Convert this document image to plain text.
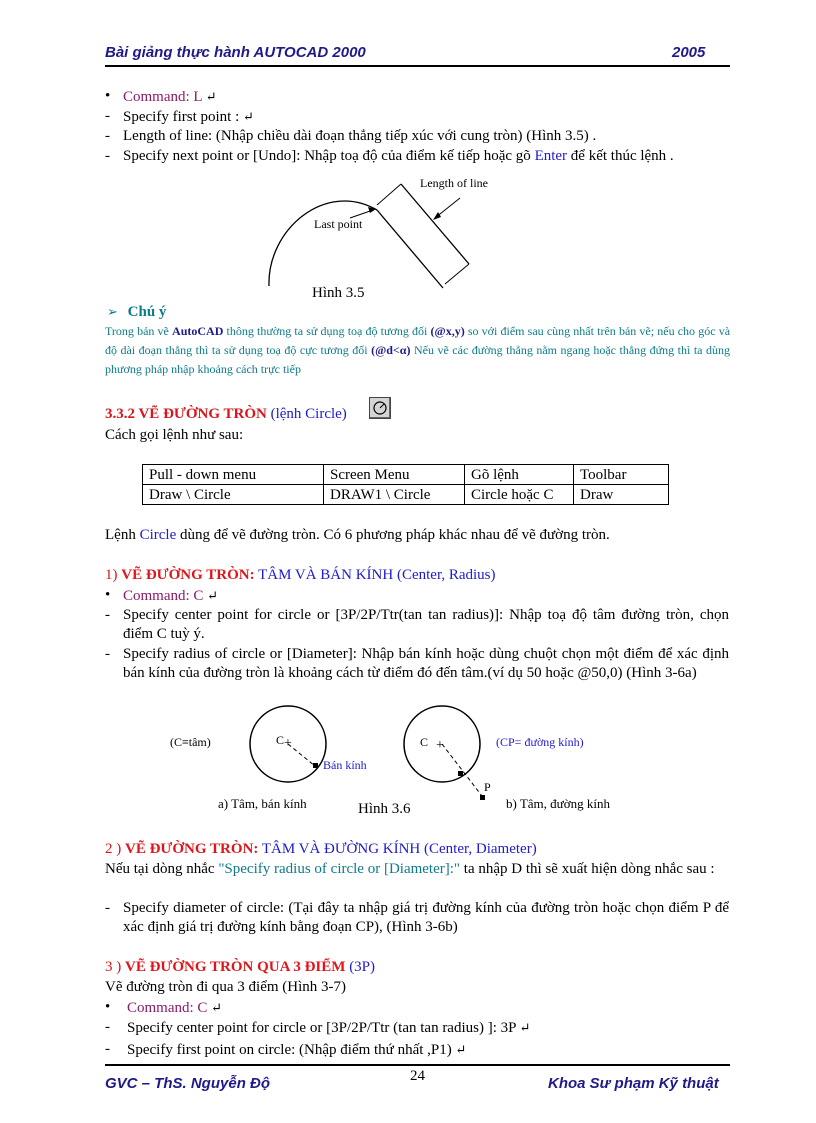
Bài giảng thực hành AUTOCAD 2000	2005
• Command: L ↵
- Specify first point : ↵
- Length of line: (Nhập chiều dài đoạn thẳng tiếp xúc với cung tròn) (Hình 3.5) .
- Specify next point or [Undo]: Nhập toạ độ của điểm kế tiếp hoặc gõ Enter để kết thúc lệnh .
Length of line
Last point
Hình 3.5
➢ Chú ý
Trong bản vẽ AutoCAD thông thường ta sử dụng toạ độ tương đối (@x,y) so với điểm sau cùng nhất trên bản vẽ; nếu cho góc và độ dài đoạn thẳng thì ta sử dụng toạ độ cực tương đối (@d<α) Nếu vẽ các đường thẳng nằm ngang hoặc thẳng đứng thì ta dùng phương pháp nhập khoảng cách trực tiếp
3.3.2 VẼ ĐƯỜNG TRÒN (lệnh Circle)
Cách gọi lệnh như sau:
Pull - down menu	Screen Menu	Gõ lệnh	Toolbar
Draw \ Circle	DRAW1 \ Circle	Circle hoặc C	Draw
Lệnh Circle dùng để vẽ đường tròn. Có 6 phương pháp khác nhau để vẽ đường tròn.
1) VẼ ĐƯỜNG TRÒN: TÂM VÀ BÁN KÍNH (Center, Radius)
• Command: C ↵
- Specify center point for circle or [3P/2P/Ttr(tan tan radius)]: Nhập toạ độ tâm đường tròn, chọn điểm C tuỳ ý.
- Specify radius of circle or [Diameter]: Nhập bán kính hoặc dùng chuột chọn một điểm để xác định bán kính của đường tròn là khoảng cách từ điểm đó đến tâm.(ví dụ 50 hoặc @50,0) (Hình 3-6a)
(C≡tâm)	C +
Bán kính
C +	(CP= đường kính)
P
a) Tâm, bán kính	b) Tâm, đường kính
Hình 3.6
2 ) VẼ ĐƯỜNG TRÒN: TÂM VÀ ĐƯỜNG KÍNH (Center, Diameter)
Nếu tại dòng nhắc "Specify radius of circle or [Diameter]:" ta nhập D thì sẽ xuất hiện dòng nhắc sau :
- Specify diameter of circle: (Tại đây ta nhập giá trị đường kính của đường tròn hoặc chọn điểm P để xác định giá trị đường kính bằng đoạn CP), (Hình 3-6b)
3 ) VẼ ĐƯỜNG TRÒN QUA 3 ĐIỂM (3P)
Vẽ đường tròn đi qua 3 điểm (Hình 3-7)
•	Command: C ↵
-	Specify center point for circle or [3P/2P/Ttr (tan tan radius) ]: 3P ↵
-	Specify first point on circle: (Nhập điểm thứ nhất ,P1) ↵
GVC – ThS. Nguyễn Độ	24	Khoa Sư phạm Kỹ thuật
